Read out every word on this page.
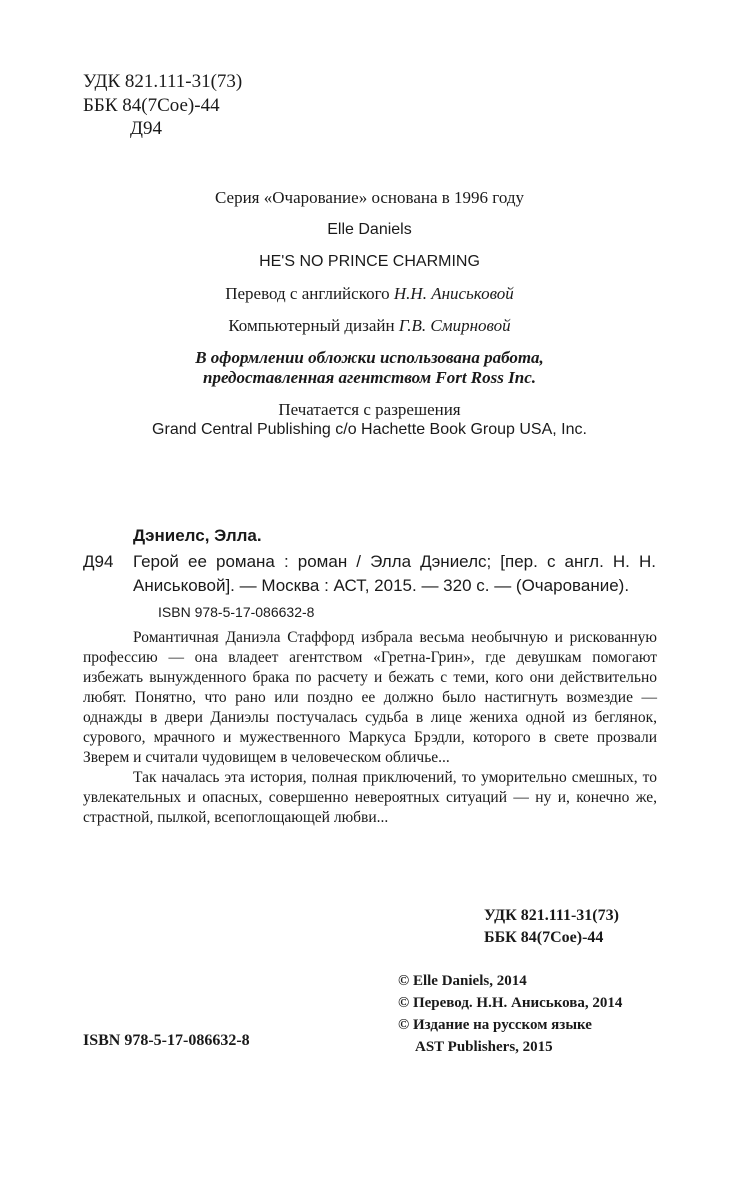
УДК 821.111-31(73)
ББК 84(7Сое)-44
Д94
Серия «Очарование» основана в 1996 году
Elle Daniels
HE'S NO PRINCE CHARMING
Перевод с английского Н.Н. Аниськовой
Компьютерный дизайн Г.В. Смирновой
В оформлении обложки использована работа,
предоставленная агентством Fort Ross Inc.
Печатается с разрешения
Grand Central Publishing c/o Hachette Book Group USA, Inc.
Дэниелс, Элла.
Д94 Герой ее романа : роман / Элла Дэниелс; [пер. с англ. Н. Н. Аниськовой]. — Москва : АСТ, 2015. — 320 с. — (Очарование).
ISBN 978-5-17-086632-8

Романтичная Даниэла Стаффорд избрала весьма необычную и рискованную профессию — она владеет агентством «Гретна-Грин», где девушкам помогают избежать вынужденного брака по расчету и бежать с теми, кого они действительно любят. Понятно, что рано или поздно ее должно было настигнуть возмездие — однажды в двери Даниэлы постучалась судьба в лице жениха одной из беглянок, сурового, мрачного и мужественного Маркуса Брэдли, которого в свете прозвали Зверем и считали чудовищем в человеческом обличье...

Так началась эта история, полная приключений, то уморительно смешных, то увлекательных и опасных, совершенно невероятных ситуаций — ну и, конечно же, страстной, пылкой, всепоглощающей любви...

УДК 821.111-31(73)
ББК 84(7Сое)-44
© Elle Daniels, 2014
© Перевод. Н.Н. Аниськова, 2014
© Издание на русском языке
AST Publishers, 2015
ISBN 978-5-17-086632-8
